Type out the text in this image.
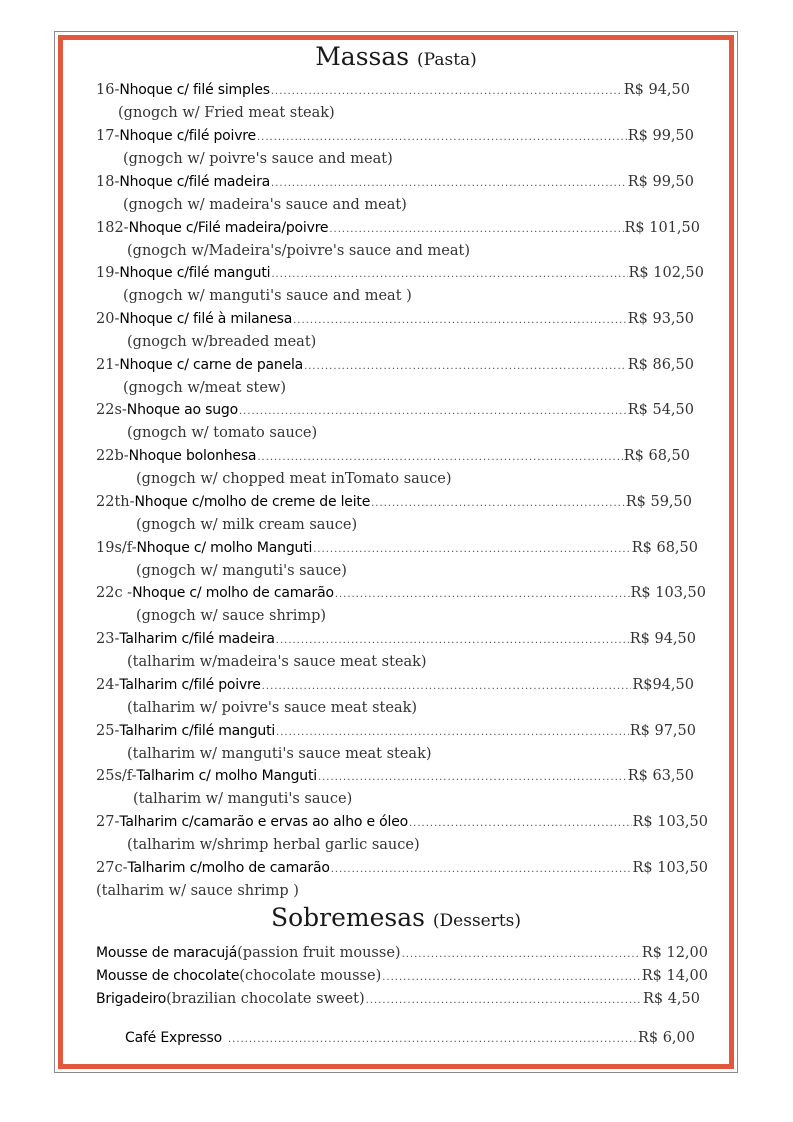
Massas (Pasta)
16- Nhoque c/ filé simples .....	R$ 94,50
(gnogch w/ Fried meat steak)
17- Nhoque c/filé poivre .....	R$ 99,50
(gnogch w/ poivre's sauce and meat)
18- Nhoque c/filé madeira .....	R$ 99,50
(gnogch w/ madeira's sauce and meat)
182- Nhoque c/Filé madeira/poivre .....	R$ 101,50
(gnogch w/Madeira's/poivre's sauce and meat)
19- Nhoque c/filé manguti .....	R$ 102,50
(gnogch w/ manguti's sauce and meat )
20- Nhoque c/ filé à milanesa .....	R$ 93,50
(gnogch w/breaded meat)
21- Nhoque c/ carne de panela .....	R$ 86,50
(gnogch w/meat stew)
22s- Nhoque ao sugo .....	R$ 54,50
(gnogch w/ tomato sauce)
22b- Nhoque bolonhesa .....	R$ 68,50
(gnogch w/ chopped meat inTomato sauce)
22th- Nhoque c/molho de creme de leite .....	R$ 59,50
(gnogch w/ milk cream sauce)
19s/f- Nhoque c/ molho Manguti .....	R$ 68,50
(gnogch w/ manguti's sauce)
22c - Nhoque c/ molho de camarão .....	R$ 103,50
(gnogch w/ sauce shrimp)
23- Talharim c/filé madeira .....	R$ 94,50
(talharim w/madeira's sauce meat steak)
24- Talharim c/filé poivre .....	R$94,50
(talharim w/ poivre's sauce meat steak)
25- Talharim c/filé manguti .....	R$ 97,50
(talharim w/ manguti's sauce meat steak)
25s/f- Talharim c/ molho Manguti .....	R$ 63,50
(talharim w/ manguti's sauce)
27- Talharim c/camarão e ervas ao alho e óleo .....	R$ 103,50
(talharim w/shrimp herbal garlic sauce)
27c- Talharim c/molho de camarão .....	R$ 103,50
(talharim w/ sauce shrimp )
Sobremesas (Desserts)
Mousse de maracujá (passion fruit mousse) .....	R$ 12,00
Mousse de chocolate (chocolate mousse) .....	R$ 14,00
Brigadeiro (brazilian chocolate sweet) .....	R$ 4,50
Café Expresso .....	R$ 6,00
